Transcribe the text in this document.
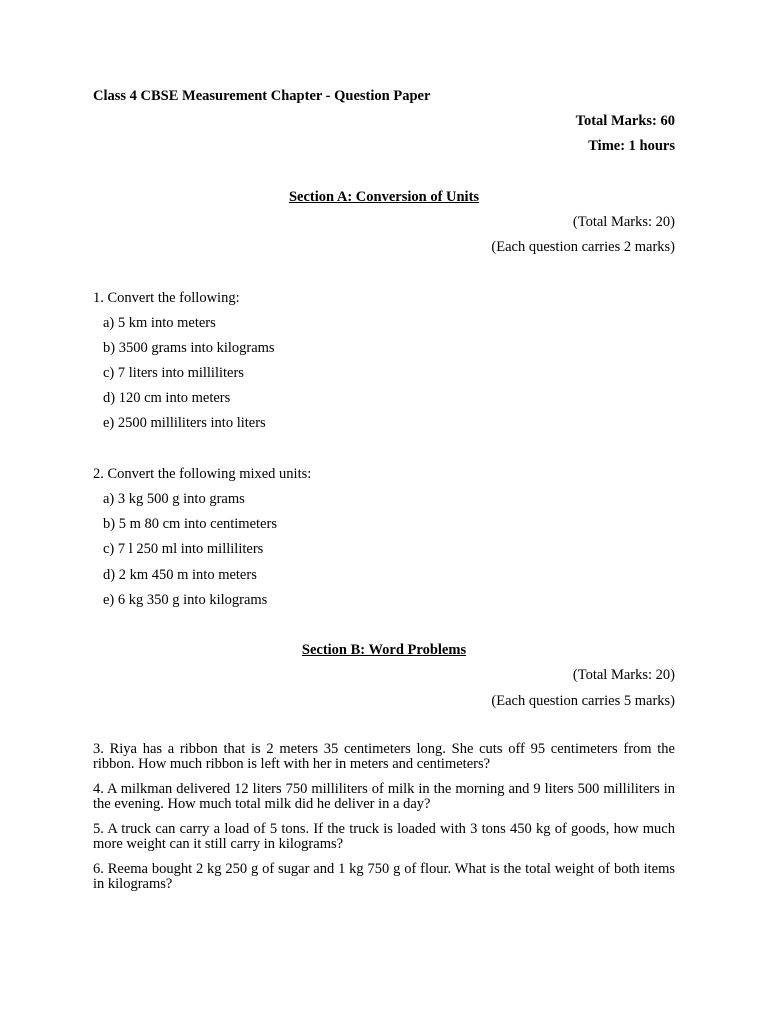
Class 4 CBSE Measurement Chapter - Question Paper
Total Marks: 60
Time: 1 hours
Section A: Conversion of Units
(Total Marks: 20)
(Each question carries 2 marks)
1. Convert the following:
a) 5 km into meters
b) 3500 grams into kilograms
c) 7 liters into milliliters
d) 120 cm into meters
e) 2500 milliliters into liters
2. Convert the following mixed units:
a) 3 kg 500 g into grams
b) 5 m 80 cm into centimeters
c) 7 l 250 ml into milliliters
d) 2 km 450 m into meters
e) 6 kg 350 g into kilograms
Section B: Word Problems
(Total Marks: 20)
(Each question carries 5 marks)
3. Riya has a ribbon that is 2 meters 35 centimeters long. She cuts off 95 centimeters from the ribbon. How much ribbon is left with her in meters and centimeters?
4. A milkman delivered 12 liters 750 milliliters of milk in the morning and 9 liters 500 milliliters in the evening. How much total milk did he deliver in a day?
5. A truck can carry a load of 5 tons. If the truck is loaded with 3 tons 450 kg of goods, how much more weight can it still carry in kilograms?
6. Reema bought 2 kg 250 g of sugar and 1 kg 750 g of flour. What is the total weight of both items in kilograms?
